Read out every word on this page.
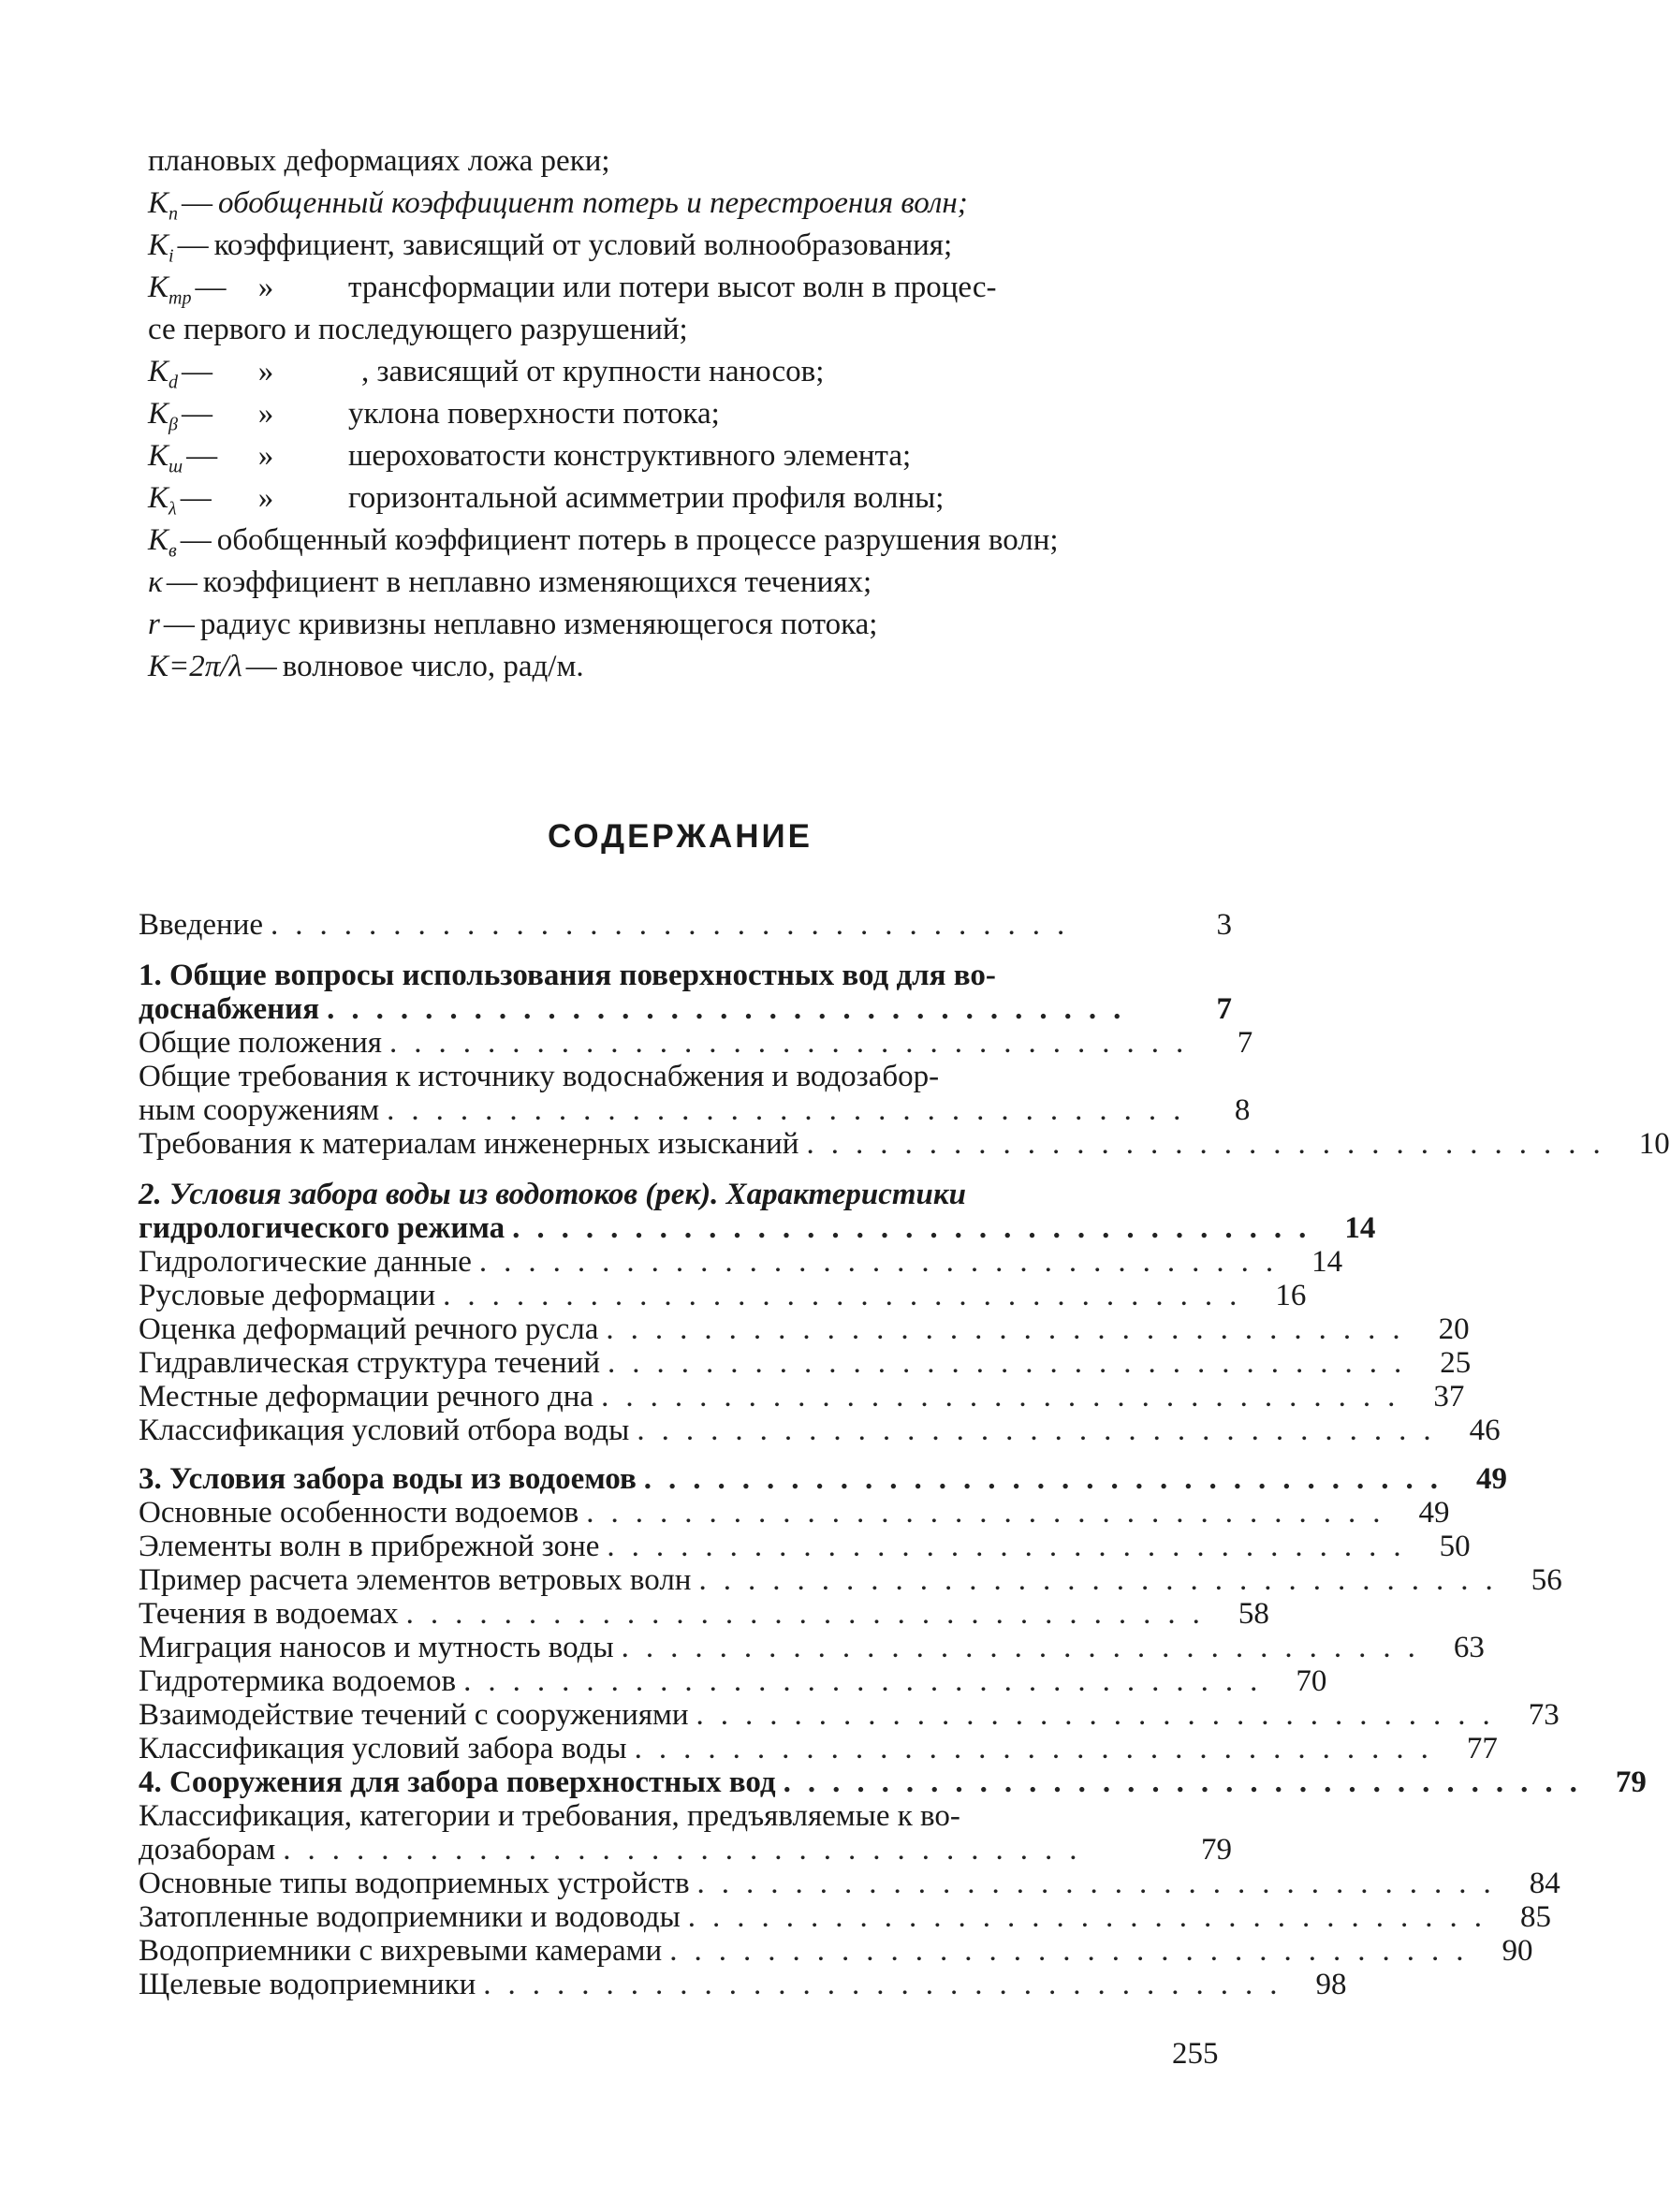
плановых деформациях ложа реки;
$K_п$ — обобщенный коэффициент потерь и перестроения волн;
$K_i$ — коэффициент, зависящий от условий волнообразования;
$K_{тр}$ —	»	трансформации или потери высот волн в процес-
се первого и последующего разрушений;
$K_d$ —	»	, зависящий от крупности наносов;
$K_\beta$ —	»	уклона поверхности потока;
$K_ш$ —	»	шероховатости конструктивного элемента;
$K_\lambda$ —	»	горизонтальной асимметрии профиля волны;
$K_в$ — обобщенный коэффициент потерь в процессе разрушения волн;
κ — коэффициент в неплавно изменяющихся течениях;
r — радиус кривизны неплавно изменяющегося потока;
K=2π/λ — волновое число, рад/м.
СОДЕРЖАНИЕ
Введение .................................	3
1. Общие вопросы использования поверхностных вод для во-
доснабжения .................................	7
Общие положения .................................	7
Общие требования к источнику водоснабжения и водозабор-
ным сооружениям .................................	8
Требования к материалам инженерных изысканий ................................. 10
2. Условия забора воды из водотоков (рек). Характеристики
гидрологического режима ................................. 14
Гидрологические данные ................................. 14
Русловые деформации ................................. 16
Оценка деформаций речного русла ................................. 20
Гидравлическая структура течений ................................. 25
Местные деформации речного дна ................................. 37
Классификация условий отбора воды ................................. 46
3. Условия забора воды из водоемов ................................. 49
Основные особенности водоемов ................................. 49
Элементы волн в прибрежной зоне ................................. 50
Пример расчета элементов ветровых волн ................................. 56
Течения в водоемах ................................. 58
Миграция наносов и мутность воды ................................. 63
Гидротермика водоемов ................................. 70
Взаимодействие течений с сооружениями ................................. 73
Классификация условий забора воды ................................. 77
4. Сооружения для забора поверхностных вод ................................. 79
Классификация, категории и требования, предъявляемые к во-
дозаборам .................................	79
Основные типы водоприемных устройств ................................. 84
Затопленные водоприемники и водоводы ................................. 85
Водоприемники с вихревыми камерами ................................. 90
Щелевые водоприемники ................................. 98
255
